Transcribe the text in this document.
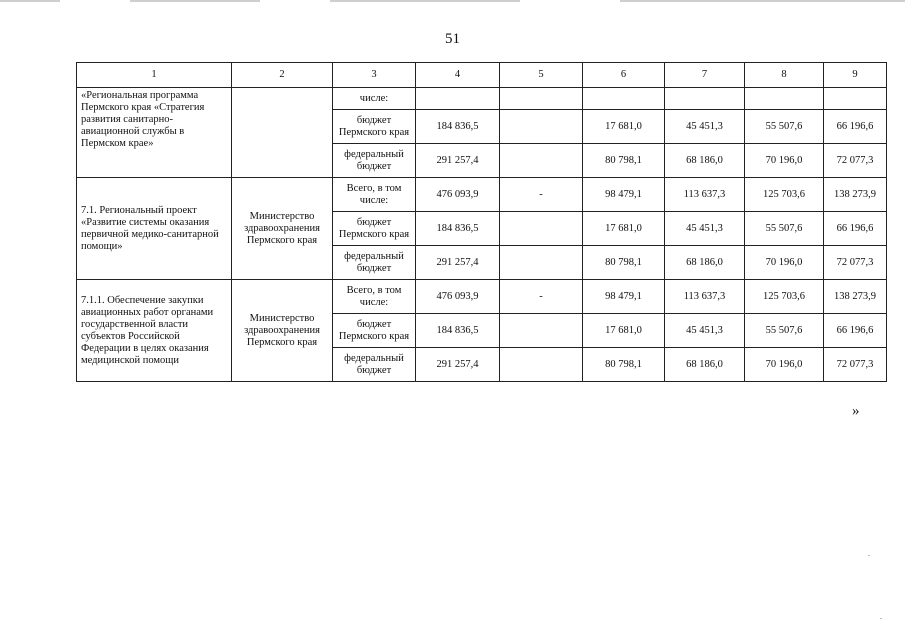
51
1	2	3	4	5	6	7	8	9
«Региональная программа Пермского края «Стратегия развития санитарно-авиационной службы в Пермском крае»		числе:						
		бюджет Пермского края	184 836,5		17 681,0	45 451,3	55 507,6	66 196,6
		федеральный бюджет	291 257,4		80 798,1	68 186,0	70 196,0	72 077,3
7.1. Региональный проект «Развитие системы оказания первичной медико-санитарной помощи»	Министерство здравоохранения Пермского края	Всего, в том числе:	476 093,9	-	98 479,1	113 637,3	125 703,6	138 273,9
		бюджет Пермского края	184 836,5		17 681,0	45 451,3	55 507,6	66 196,6
		федеральный бюджет	291 257,4		80 798,1	68 186,0	70 196,0	72 077,3
7.1.1. Обеспечение закупки авиационных работ органами государственной власти субъектов Российской Федерации в целях оказания медицинской помощи	Министерство здравоохранения Пермского края	Всего, в том числе:	476 093,9	-	98 479,1	113 637,3	125 703,6	138 273,9
		бюджет Пермского края	184 836,5		17 681,0	45 451,3	55 507,6	66 196,6
		федеральный бюджет	291 257,4		80 798,1	68 186,0	70 196,0	72 077,3
»
